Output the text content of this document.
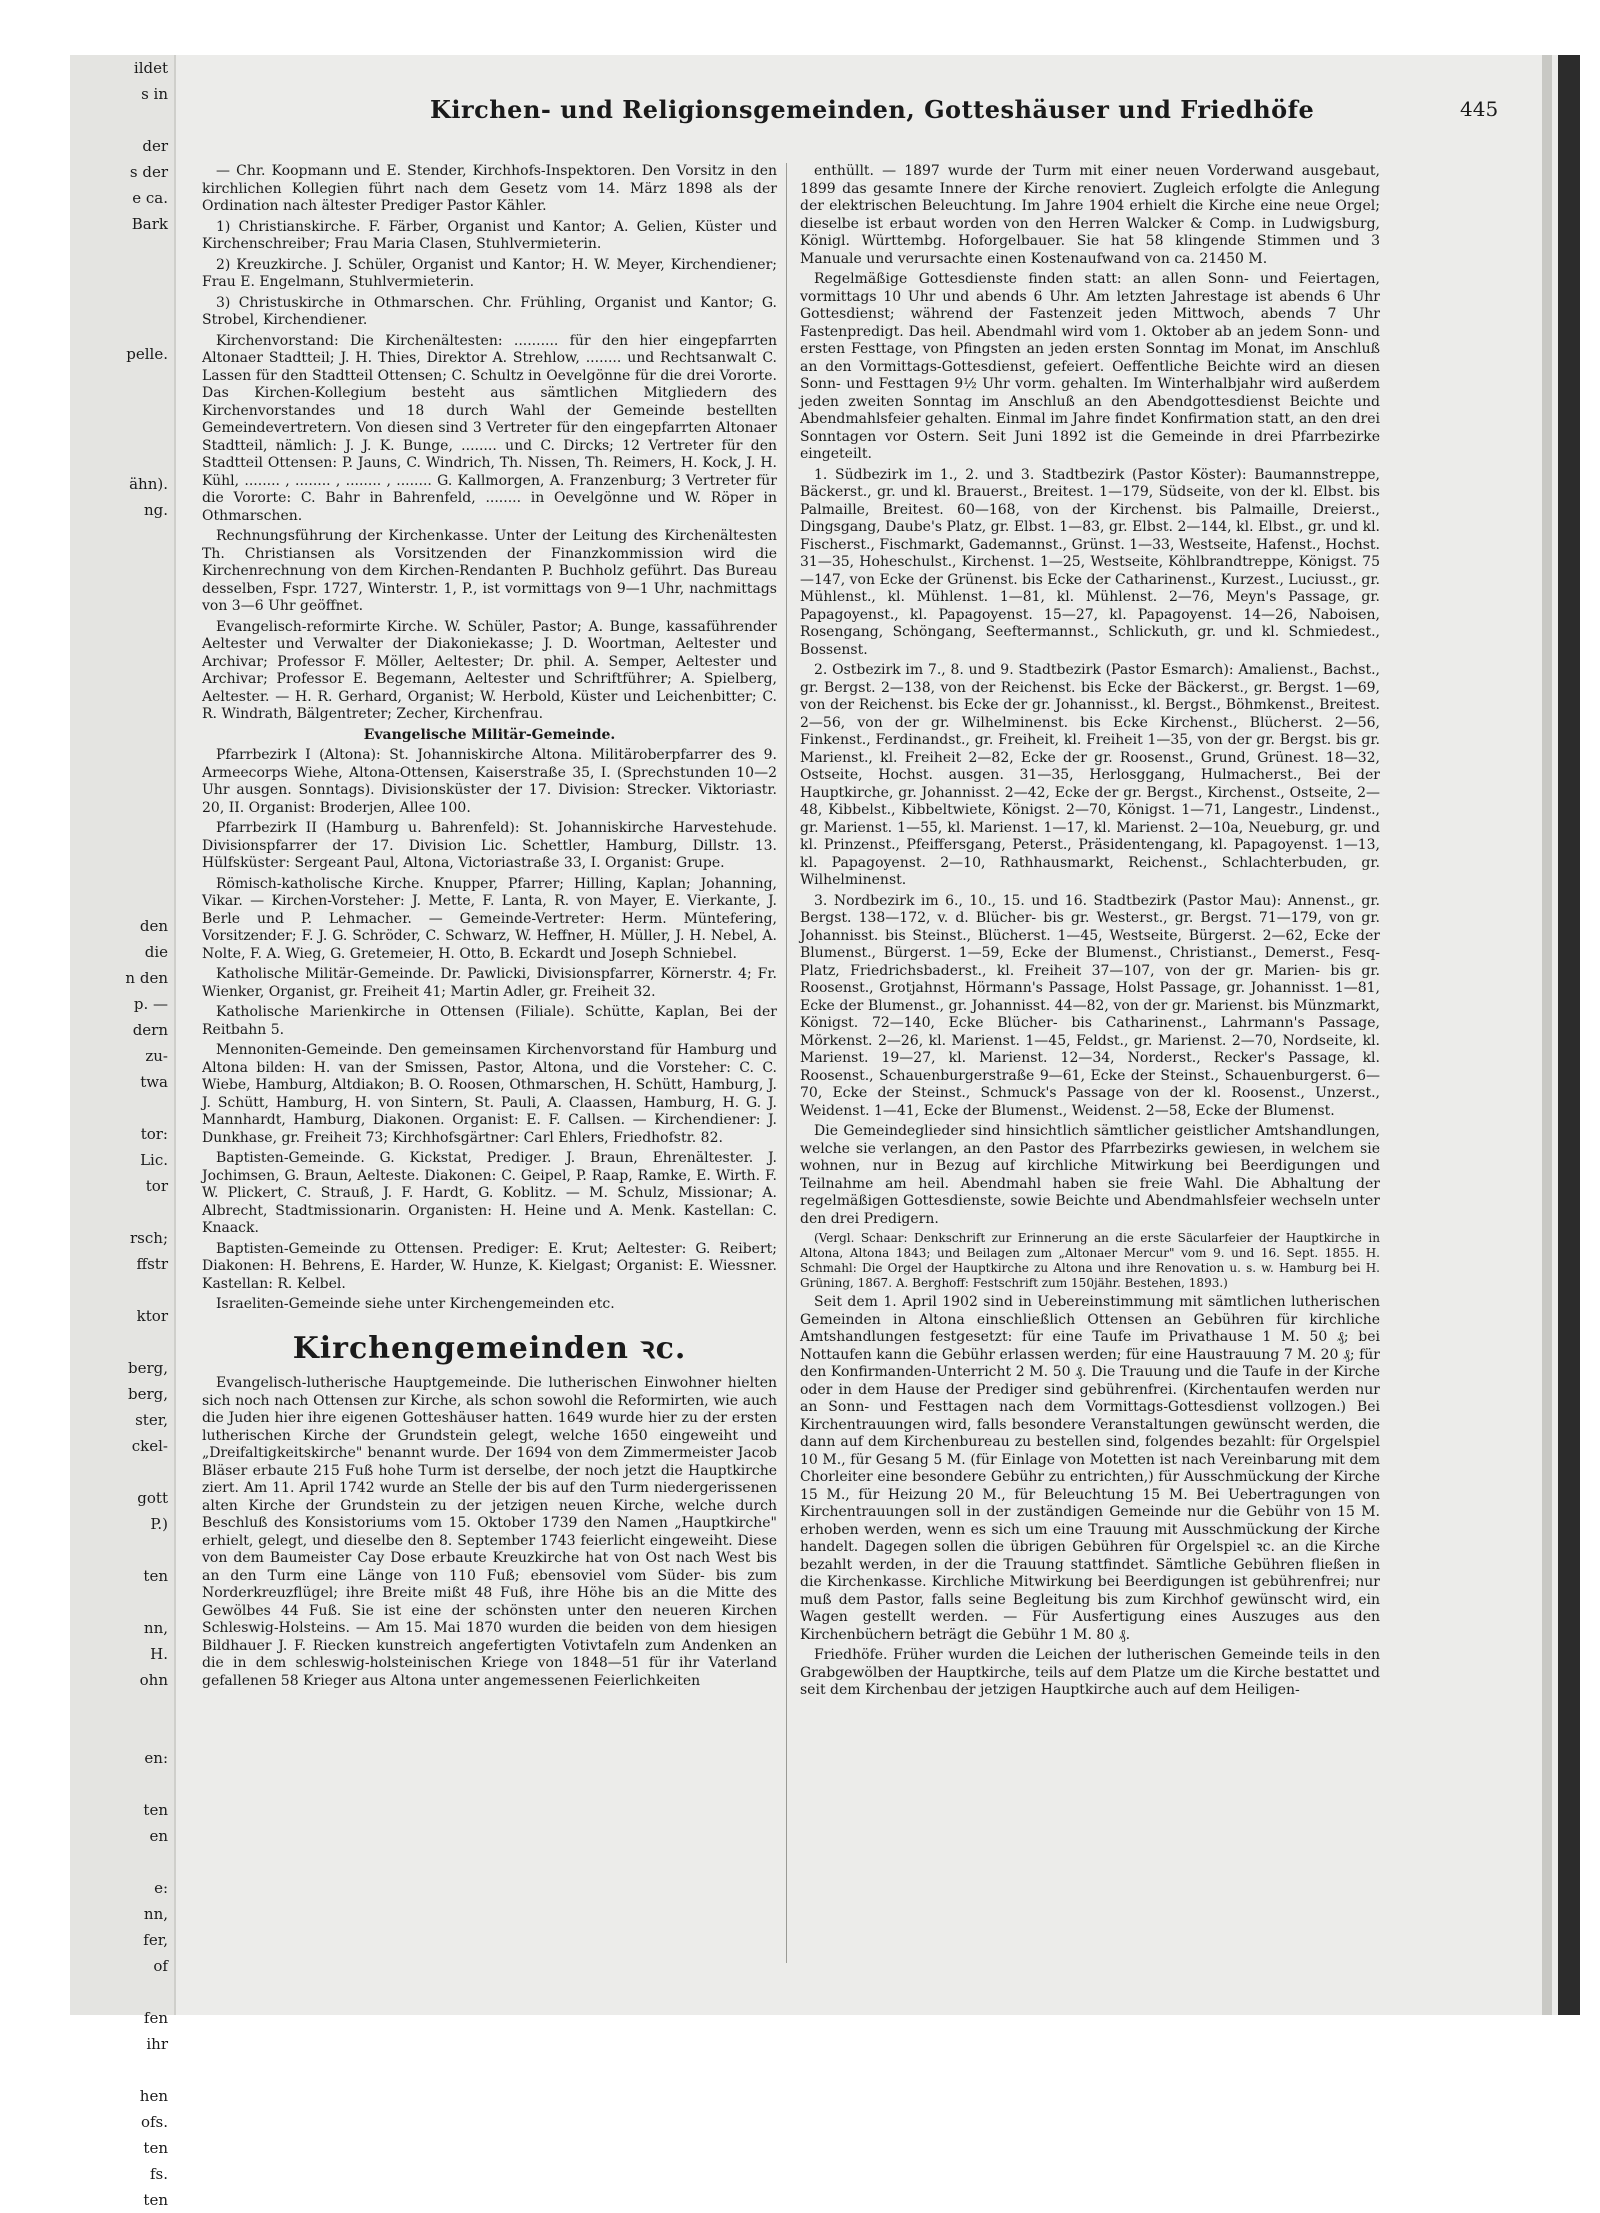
ildet
s in

der
s der
e ca.
Bark

pelle.

ähn).
ng.

den
die
n den
p. —
dern
zu-
twa

tor:
Lic.
tor

rsch;
ffstr

ktor

berg,
berg,
ster,
ckel-

gott
P.)

ten

nn,
H.
ohn

en:

ten
en

e:
nn,
fer,
of

fen
ihr

hen
ofs.
ten
fs.
ten
Kirchen- und Religionsgemeinden, Gotteshäuser und Friedhöfe	445

— Chr. Koopmann und E. Stender, Kirchhofs-Inspektoren. Den Vorsitz in den kirchlichen Kollegien führt nach dem Gesetz vom 14. März 1898 als der Ordination nach ältester Prediger Pastor Kähler.

1) Christianskirche. F. Färber, Organist und Kantor; A. Gelien, Küster und Kirchenschreiber; Frau Maria Clasen, Stuhlvermieterin.

2) Kreuzkirche. J. Schüler, Organist und Kantor; H. W. Meyer, Kirchendiener; Frau E. Engelmann, Stuhlvermieterin.

3) Christuskirche in Othmarschen. Chr. Frühling, Organist und Kantor; G. Strobel, Kirchendiener.

Kirchenvorstand: Die Kirchenältesten: .......... für den hier eingepfarrten Altonaer Stadtteil; J. H. Thies, Direktor A. Strehlow, ........ und Rechtsanwalt C. Lassen für den Stadtteil Ottensen; C. Schultz in Oevelgönne für die drei Vororte. Das Kirchen-Kollegium besteht aus sämtlichen Mitgliedern des Kirchenvorstandes und 18 durch Wahl der Gemeinde bestellten Gemeindevertretern. Von diesen sind 3 Vertreter für den eingepfarrten Altonaer Stadtteil, nämlich: J. J. K. Bunge, ........ und C. Dircks; 12 Vertreter für den Stadtteil Ottensen: P. Jauns, C. Windrich, Th. Nissen, Th. Reimers, H. Kock, J. H. Kühl, ........ , ........ , ........ , ........ G. Kallmorgen, A. Franzenburg; 3 Vertreter für die Vororte: C. Bahr in Bahrenfeld, ........ in Oevelgönne und W. Röper in Othmarschen.

Rechnungsführung der Kirchenkasse. Unter der Leitung des Kirchenältesten Th. Christiansen als Vorsitzenden der Finanzkommission wird die Kirchenrechnung von dem Kirchen-Rendanten P. Buchholz geführt. Das Bureau desselben, Fspr. 1727, Winterstr. 1, P., ist vormittags von 9—1 Uhr, nachmittags von 3—6 Uhr geöffnet.

Evangelisch-reformirte Kirche. W. Schüler, Pastor; A. Bunge, kassaführender Aeltester und Verwalter der Diakoniekasse; J. D. Woortman, Aeltester und Archivar; Professor F. Möller, Aeltester; Dr. phil. A. Semper, Aeltester und Archivar; Professor E. Begemann, Aeltester und Schriftführer; A. Spielberg, Aeltester. — H. R. Gerhard, Organist; W. Herbold, Küster und Leichenbitter; C. R. Windrath, Bälgentreter; Zecher, Kirchenfrau.

Evangelische Militär-Gemeinde.

Pfarrbezirk I (Altona): St. Johanniskirche Altona. Militäroberpfarrer des 9. Armeecorps Wiehe, Altona-Ottensen, Kaiserstraße 35, I. (Sprechstunden 10—2 Uhr ausgen. Sonntags). Divisionsküster der 17. Division: Strecker. Viktoriastr. 20, II. Organist: Broderjen, Allee 100.

Pfarrbezirk II (Hamburg u. Bahrenfeld): St. Johanniskirche Harvestehude. Divisionspfarrer der 17. Division Lic. Schettler, Hamburg, Dillstr. 13. Hülfsküster: Sergeant Paul, Altona, Victoriastraße 33, I. Organist: Grupe.

Römisch-katholische Kirche. Knupper, Pfarrer; Hilling, Kaplan; Johanning, Vikar. — Kirchen-Vorsteher: J. Mette, F. Lanta, R. von Mayer, E. Vierkante, J. Berle und P. Lehmacher. — Gemeinde-Vertreter: Herm. Müntefering, Vorsitzender; F. J. G. Schröder, C. Schwarz, W. Heffner, H. Müller, J. H. Nebel, A. Nolte, F. A. Wieg, G. Gretemeier, H. Otto, B. Eckardt und Joseph Schniebel.

Katholische Militär-Gemeinde. Dr. Pawlicki, Divisionspfarrer, Körnerstr. 4; Fr. Wienker, Organist, gr. Freiheit 41; Martin Adler, gr. Freiheit 32.

Katholische Marienkirche in Ottensen (Filiale). Schütte, Kaplan, Bei der Reitbahn 5.

Mennoniten-Gemeinde. Den gemeinsamen Kirchenvorstand für Hamburg und Altona bilden: H. van der Smissen, Pastor, Altona, und die Vorsteher: C. C. Wiebe, Hamburg, Altdiakon; B. O. Roosen, Othmarschen, H. Schütt, Hamburg, J. J. Schütt, Hamburg, H. von Sintern, St. Pauli, A. Claassen, Hamburg, H. G. J. Mannhardt, Hamburg, Diakonen. Organist: E. F. Callsen. — Kirchendiener: J. Dunkhase, gr. Freiheit 73; Kirchhofsgärtner: Carl Ehlers, Friedhofstr. 82.

Baptisten-Gemeinde. G. Kickstat, Prediger. J. Braun, Ehrenältester. J. Jochimsen, G. Braun, Aelteste. Diakonen: C. Geipel, P. Raap, Ramke, E. Wirth. F. W. Plickert, C. Strauß, J. F. Hardt, G. Koblitz. — M. Schulz, Missionar; A. Albrecht, Stadtmissionarin. Organisten: H. Heine und A. Menk. Kastellan: C. Knaack.

Baptisten-Gemeinde zu Ottensen. Prediger: E. Krut; Aeltester: G. Reibert; Diakonen: H. Behrens, E. Harder, W. Hunze, K. Kielgast; Organist: E. Wiessner. Kastellan: R. Kelbel.

Israeliten-Gemeinde siehe unter Kirchengemeinden etc.

Kirchengemeinden ꝛc.

Evangelisch-lutherische Hauptgemeinde. Die lutherischen Einwohner hielten sich noch nach Ottensen zur Kirche, als schon sowohl die Reformirten, wie auch die Juden hier ihre eigenen Gotteshäuser hatten. 1649 wurde hier zu der ersten lutherischen Kirche der Grundstein gelegt, welche 1650 eingeweiht und „Dreifaltigkeitskirche" benannt wurde. Der 1694 von dem Zimmermeister Jacob Bläser erbaute 215 Fuß hohe Turm ist derselbe, der noch jetzt die Hauptkirche ziert. Am 11. April 1742 wurde an Stelle der bis auf den Turm niedergerissenen alten Kirche der Grundstein zu der jetzigen neuen Kirche, welche durch Beschluß des Konsistoriums vom 15. Oktober 1739 den Namen „Hauptkirche" erhielt, gelegt, und dieselbe den 8. September 1743 feierlicht eingeweiht. Diese von dem Baumeister Cay Dose erbaute Kreuzkirche hat von Ost nach West bis an den Turm eine Länge von 110 Fuß; ebensoviel vom Süder- bis zum Norderkreuzflügel; ihre Breite mißt 48 Fuß, ihre Höhe bis an die Mitte des Gewölbes 44 Fuß. Sie ist eine der schönsten unter den neueren Kirchen Schleswig-Holsteins. — Am 15. Mai 1870 wurden die beiden von dem hiesigen Bildhauer J. F. Riecken kunstreich angefertigten Votivtafeln zum Andenken an die in dem schleswig-holsteinischen Kriege von 1848—51 für ihr Vaterland gefallenen 58 Krieger aus Altona unter angemessenen Feierlichkeiten

enthüllt. — 1897 wurde der Turm mit einer neuen Vorderwand ausgebaut, 1899 das gesamte Innere der Kirche renoviert. Zugleich erfolgte die Anlegung der elektrischen Beleuchtung. Im Jahre 1904 erhielt die Kirche eine neue Orgel; dieselbe ist erbaut worden von den Herren Walcker & Comp. in Ludwigsburg, Königl. Württembg. Hoforgelbauer. Sie hat 58 klingende Stimmen und 3 Manuale und verursachte einen Kostenaufwand von ca. 21450 M.

Regelmäßige Gottesdienste finden statt: an allen Sonn- und Feiertagen, vormittags 10 Uhr und abends 6 Uhr. Am letzten Jahrestage ist abends 6 Uhr Gottesdienst; während der Fastenzeit jeden Mittwoch, abends 7 Uhr Fastenpredigt. Das heil. Abendmahl wird vom 1. Oktober ab an jedem Sonn- und ersten Festtage, von Pfingsten an jeden ersten Sonntag im Monat, im Anschluß an den Vormittags-Gottesdienst, gefeiert. Oeffentliche Beichte wird an diesen Sonn- und Festtagen 9½ Uhr vorm. gehalten. Im Winterhalbjahr wird außerdem jeden zweiten Sonntag im Anschluß an den Abendgottesdienst Beichte und Abendmahlsfeier gehalten. Einmal im Jahre findet Konfirmation statt, an den drei Sonntagen vor Ostern. Seit Juni 1892 ist die Gemeinde in drei Pfarrbezirke eingeteilt.

1. Südbezirk im 1., 2. und 3. Stadtbezirk (Pastor Köster): Baumannstreppe, Bäckerst., gr. und kl. Brauerst., Breitest. 1—179, Südseite, von der kl. Elbst. bis Palmaille, Breitest. 60—168, von der Kirchenst. bis Palmaille, Dreierst., Dingsgang, Daube's Platz, gr. Elbst. 1—83, gr. Elbst. 2—144, kl. Elbst., gr. und kl. Fischerst., Fischmarkt, Gademannst., Grünst. 1—33, Westseite, Hafenst., Hochst. 31—35, Hoheschulst., Kirchenst. 1—25, Westseite, Köhlbrandtreppe, Königst. 75—147, von Ecke der Grünenst. bis Ecke der Catharinenst., Kurzest., Luciusst., gr. Mühlenst., kl. Mühlenst. 1—81, kl. Mühlenst. 2—76, Meyn's Passage, gr. Papagoyenst., kl. Papagoyenst. 15—27, kl. Papagoyenst. 14—26, Naboisen, Rosengang, Schöngang, Seeftermannst., Schlickuth, gr. und kl. Schmiedest., Bossenst.

2. Ostbezirk im 7., 8. und 9. Stadtbezirk (Pastor Esmarch): Amalienst., Bachst., gr. Bergst. 2—138, von der Reichenst. bis Ecke der Bäckerst., gr. Bergst. 1—69, von der Reichenst. bis Ecke der gr. Johannisst., kl. Bergst., Böhmkenst., Breitest. 2—56, von der gr. Wilhelminenst. bis Ecke Kirchenst., Blücherst. 2—56, Finkenst., Ferdinandst., gr. Freiheit, kl. Freiheit 1—35, von der gr. Bergst. bis gr. Marienst., kl. Freiheit 2—82, Ecke der gr. Roosenst., Grund, Grünest. 18—32, Ostseite, Hochst. ausgen. 31—35, Herlosggang, Hulmacherst., Bei der Hauptkirche, gr. Johannisst. 2—42, Ecke der gr. Bergst., Kirchenst., Ostseite, 2—48, Kibbelst., Kibbeltwiete, Königst. 2—70, Königst. 1—71, Langestr., Lindenst., gr. Marienst. 1—55, kl. Marienst. 1—17, kl. Marienst. 2—10a, Neueburg, gr. und kl. Prinzenst., Pfeiffersgang, Peterst., Präsidentengang, kl. Papagoyenst. 1—13, kl. Papagoyenst. 2—10, Rathhausmarkt, Reichenst., Schlachterbuden, gr. Wilhelminenst.

3. Nordbezirk im 6., 10., 15. und 16. Stadtbezirk (Pastor Mau): Annenst., gr. Bergst. 138—172, v. d. Blücher- bis gr. Westerst., gr. Bergst. 71—179, von gr. Johannisst. bis Steinst., Blücherst. 1—45, Westseite, Bürgerst. 2—62, Ecke der Blumenst., Bürgerst. 1—59, Ecke der Blumenst., Christianst., Demerst., Fesq-Platz, Friedrichsbaderst., kl. Freiheit 37—107, von der gr. Marien- bis gr. Roosenst., Grotjahnst, Hörmann's Passage, Holst Passage, gr. Johannisst. 1—81, Ecke der Blumenst., gr. Johannisst. 44—82, von der gr. Marienst. bis Münzmarkt, Königst. 72—140, Ecke Blücher- bis Catharinenst., Lahrmann's Passage, Mörkenst. 2—26, kl. Marienst. 1—45, Feldst., gr. Marienst. 2—70, Nordseite, kl. Marienst. 19—27, kl. Marienst. 12—34, Norderst., Recker's Passage, kl. Roosenst., Schauenburgerstraße 9—61, Ecke der Steinst., Schauenburgerst. 6—70, Ecke der Steinst., Schmuck's Passage von der kl. Roosenst., Unzerst., Weidenst. 1—41, Ecke der Blumenst., Weidenst. 2—58, Ecke der Blumenst.

Die Gemeindeglieder sind hinsichtlich sämtlicher geistlicher Amtshandlungen, welche sie verlangen, an den Pastor des Pfarrbezirks gewiesen, in welchem sie wohnen, nur in Bezug auf kirchliche Mitwirkung bei Beerdigungen und Teilnahme am heil. Abendmahl haben sie freie Wahl. Die Abhaltung der regelmäßigen Gottesdienste, sowie Beichte und Abendmahlsfeier wechseln unter den drei Predigern.

(Vergl. Schaar: Denkschrift zur Erinnerung an die erste Säcularfeier der Hauptkirche in Altona, Altona 1843; und Beilagen zum „Altonaer Mercur" vom 9. und 16. Sept. 1855. H. Schmahl: Die Orgel der Hauptkirche zu Altona und ihre Renovation u. s. w. Hamburg bei H. Grüning, 1867. A. Berghoff: Festschrift zum 150jähr. Bestehen, 1893.)

Seit dem 1. April 1902 sind in Uebereinstimmung mit sämtlichen lutherischen Gemeinden in Altona einschließlich Ottensen an Gebühren für kirchliche Amtshandlungen festgesetzt: für eine Taufe im Privathause 1 M. 50 ₰; bei Nottaufen kann die Gebühr erlassen werden; für eine Haustrauung 7 M. 20 ₰; für den Konfirmanden-Unterricht 2 M. 50 ₰. Die Trauung und die Taufe in der Kirche oder in dem Hause der Prediger sind gebührenfrei. (Kirchentaufen werden nur an Sonn- und Festtagen nach dem Vormittags-Gottesdienst vollzogen.) Bei Kirchentrauungen wird, falls besondere Veranstaltungen gewünscht werden, die dann auf dem Kirchenbureau zu bestellen sind, folgendes bezahlt: für Orgelspiel 10 M., für Gesang 5 M. (für Einlage von Motetten ist nach Vereinbarung mit dem Chorleiter eine besondere Gebühr zu entrichten,) für Ausschmückung der Kirche 15 M., für Heizung 20 M., für Beleuchtung 15 M. Bei Uebertragungen von Kirchentrauungen soll in der zuständigen Gemeinde nur die Gebühr von 15 M. erhoben werden, wenn es sich um eine Trauung mit Ausschmückung der Kirche handelt. Dagegen sollen die übrigen Gebühren für Orgelspiel ꝛc. an die Kirche bezahlt werden, in der die Trauung stattfindet. Sämtliche Gebühren fließen in die Kirchenkasse. Kirchliche Mitwirkung bei Beerdigungen ist gebührenfrei; nur muß dem Pastor, falls seine Begleitung bis zum Kirchhof gewünscht wird, ein Wagen gestellt werden. — Für Ausfertigung eines Auszuges aus den Kirchenbüchern beträgt die Gebühr 1 M. 80 ₰.

Friedhöfe. Früher wurden die Leichen der lutherischen Gemeinde teils in den Grabgewölben der Hauptkirche, teils auf dem Platze um die Kirche bestattet und seit dem Kirchenbau der jetzigen Hauptkirche auch auf dem Heiligen-
